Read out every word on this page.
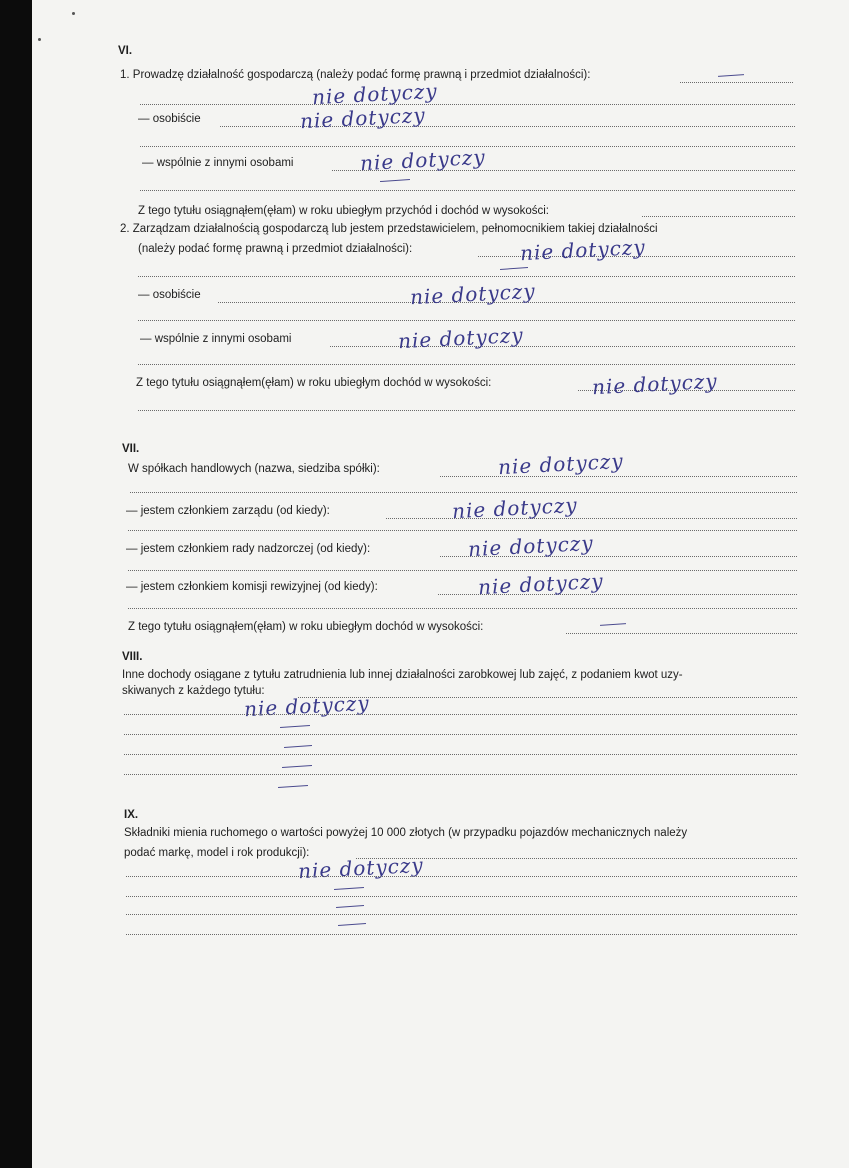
VI.
1. Prowadzę działalność gospodarczą (należy podać formę prawną i przedmiot działalności):
nie dotyczy
— osobiście	nie dotyczy
— wspólnie z innymi osobami	nie dotyczy
Z tego tytułu osiągnąłem(ęłam) w roku ubiegłym przychód i dochód w wysokości:
2. Zarządzam działalnością gospodarczą lub jestem przedstawicielem, pełnomocnikiem takiej działalności
(należy podać formę prawną i przedmiot działalności):	nie dotyczy
— osobiście	nie dotyczy
— wspólnie z innymi osobami	nie dotyczy
Z tego tytułu osiągnąłem(ęłam) w roku ubiegłym dochód w wysokości:	nie dotyczy
VII.
W spółkach handlowych (nazwa, siedziba spółki):	nie dotyczy
— jestem członkiem zarządu (od kiedy):	nie dotyczy
— jestem członkiem rady nadzorczej (od kiedy):	nie dotyczy
— jestem członkiem komisji rewizyjnej (od kiedy):	nie dotyczy
Z tego tytułu osiągnąłem(ęłam) w roku ubiegłym dochód w wysokości:
VIII.
Inne dochody osiągane z tytułu zatrudnienia lub innej działalności zarobkowej lub zajęć, z podaniem kwot uzy-
skiwanych z każdego tytułu:
nie dotyczy
IX.
Składniki mienia ruchomego o wartości powyżej 10 000 złotych (w przypadku pojazdów mechanicznych należy
podać markę, model i rok produkcji):
nie dotyczy
